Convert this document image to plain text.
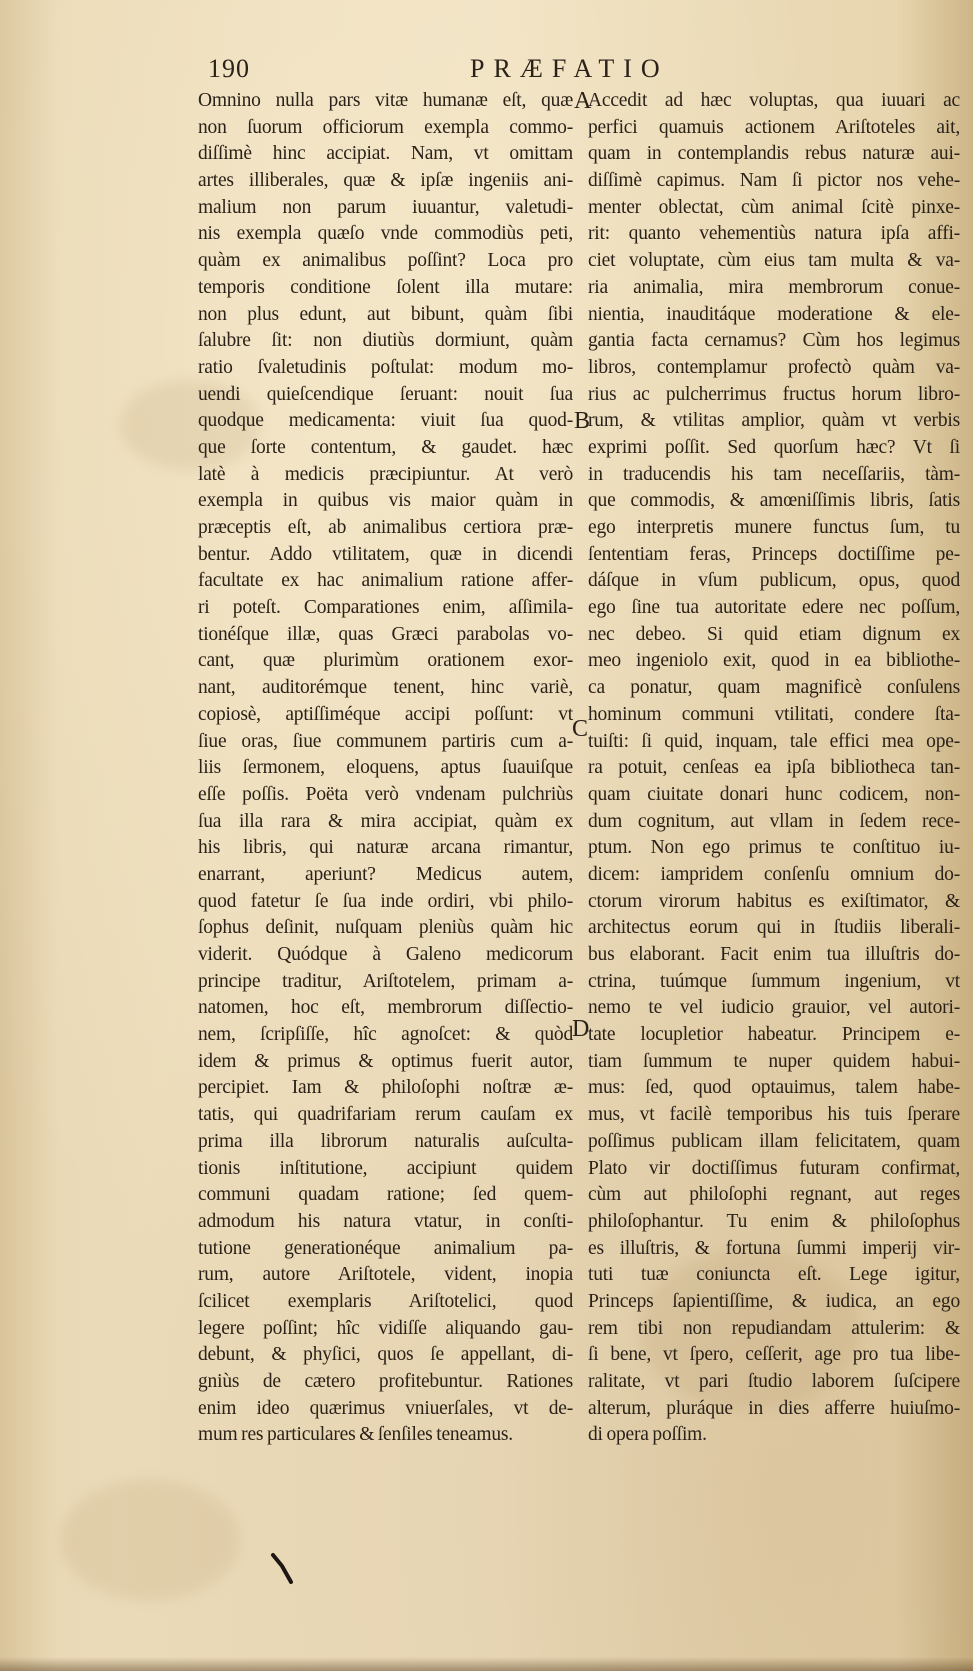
190	PRÆFATIO
Omnino nulla pars vitæ humanæ eſt, quæ
non ſuorum officiorum exempla commo-
diſſimè hinc accipiat. Nam, vt omittam
artes illiberales, quæ & ipſæ ingeniis ani-
malium non parum iuuantur, valetudi-
nis exempla quæſo vnde commodiùs peti,
quàm ex animalibus poſſint? Loca pro
temporis conditione ſolent illa mutare:
non plus edunt, aut bibunt, quàm ſibi
ſalubre ſit: non diutiùs dormiunt, quàm
ratio ſvaletudinis poſtulat: modum mo-
uendi quieſcendique ſeruant: nouit ſua
quodque medicamenta: viuit ſua quod-
que ſorte contentum, & gaudet. hæc
latè à medicis præcipiuntur. At verò
exempla in quibus vis maior quàm in
præceptis eſt, ab animalibus certiora præ-
bentur. Addo vtilitatem, quæ in dicendi
facultate ex hac animalium ratione affer-
ri poteſt. Comparationes enim, aſſimila-
tionéſque illæ, quas Græci parabolas vo-
cant, quæ plurimùm orationem exor-
nant, auditorémque tenent, hinc variè,
copiosè, aptiſſiméque accipi poſſunt: vt
ſiue oras, ſiue communem partiris cum a-
liis ſermonem, eloquens, aptus ſuauiſque
eſſe poſſis. Poëta verò vndenam pulchriùs
ſua illa rara & mira accipiat, quàm ex
his libris, qui naturæ arcana rimantur,
enarrant, aperiunt? Medicus autem,
quod fatetur ſe ſua inde ordiri, vbi philo-
ſophus deſinit, nuſquam pleniùs quàm hic
viderit. Quódque à Galeno medicorum
principe traditur, Ariſtotelem, primam a-
natomen, hoc eſt, membrorum diſſectio-
nem, ſcripſiſſe, hîc agnoſcet: & quòd
idem & primus & optimus fuerit autor,
percipiet. Iam & philoſophi noſtræ æ-
tatis, qui quadrifariam rerum cauſam ex
prima illa librorum naturalis auſculta-
tionis inſtitutione, accipiunt quidem
communi quadam ratione; ſed quem-
admodum his natura vtatur, in conſti-
tutione generationéque animalium pa-
rum, autore Ariſtotele, vident, inopia
ſcilicet exemplaris Ariſtotelici, quod
legere poſſint; hîc vidiſſe aliquando gau-
debunt, & phyſici, quos ſe appellant, di-
gniùs de cætero profitebuntur. Rationes
enim ideo quærimus vniuerſales, vt de-
mum res particulares & ſenſiles teneamus.
Accedit ad hæc voluptas, qua iuuari ac
perfici quamuis actionem Ariſtoteles ait,
quam in contemplandis rebus naturæ aui-
diſſimè capimus. Nam ſi pictor nos vehe-
menter oblectat, cùm animal ſcitè pinxe-
rit: quanto vehementiùs natura ipſa affi-
ciet voluptate, cùm eius tam multa & va-
ria animalia, mira membrorum conue-
nientia, inauditáque moderatione & ele-
gantia facta cernamus? Cùm hos legimus
libros, contemplamur profectò quàm va-
rius ac pulcherrimus fructus horum libro-
rum, & vtilitas amplior, quàm vt verbis
exprimi poſſit. Sed quorſum hæc? Vt ſi
in traducendis his tam neceſſariis, tàm-
que commodis, & amœniſſimis libris, ſatis
ego interpretis munere functus ſum, tu
ſententiam feras, Princeps doctiſſime pe-
dáſque in vſum publicum, opus, quod
ego ſine tua autoritate edere nec poſſum,
nec debeo. Si quid etiam dignum ex
meo ingeniolo exit, quod in ea bibliothe-
ca ponatur, quam magnificè conſulens
hominum communi vtilitati, condere ſta-
tuiſti: ſi quid, inquam, tale effici mea ope-
ra potuit, cenſeas ea ipſa bibliotheca tan-
quam ciuitate donari hunc codicem, non-
dum cognitum, aut vllam in ſedem rece-
ptum. Non ego primus te conſtituo iu-
dicem: iampridem conſenſu omnium do-
ctorum virorum habitus es exiſtimator, &
architectus eorum qui in ſtudiis liberali-
bus elaborant. Facit enim tua illuſtris do-
ctrina, tuúmque ſummum ingenium, vt
nemo te vel iudicio grauior, vel autori-
tate locupletior habeatur. Principem e-
tiam ſummum te nuper quidem habui-
mus: ſed, quod optauimus, talem habe-
mus, vt facilè temporibus his tuis ſperare
poſſimus publicam illam felicitatem, quam
Plato vir doctiſſimus futuram confirmat,
cùm aut philoſophi regnant, aut reges
philoſophantur. Tu enim & philoſophus
es illuſtris, & fortuna ſummi imperij vir-
tuti tuæ coniuncta eſt. Lege igitur,
Princeps ſapientiſſime, & iudica, an ego
rem tibi non repudiandam attulerim: &
ſi bene, vt ſpero, ceſſerit, age pro tua libe-
ralitate, vt pari ſtudio laborem ſuſcipere
alterum, pluráque in dies afferre huiuſmo-
di opera poſſim.
A
B
C
D
